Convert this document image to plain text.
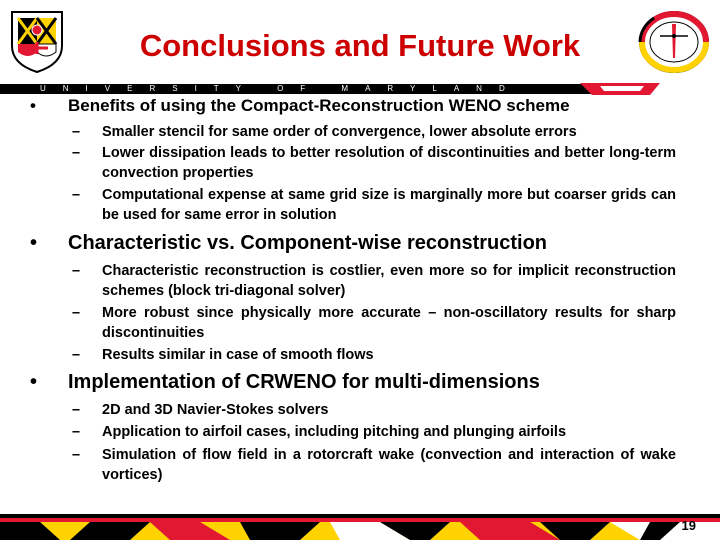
Conclusions and Future Work
UNIVERSITY OF MARYLAND
• Benefits of using the Compact-Reconstruction WENO scheme
– Smaller stencil for same order of convergence, lower absolute errors
– Lower dissipation leads to better resolution of discontinuities and better long-term convection properties
– Computational expense at same grid size is marginally more but coarser grids can be used for same error in solution
• Characteristic vs. Component-wise reconstruction
– Characteristic reconstruction is costlier, even more so for implicit reconstruction schemes (block tri-diagonal solver)
– More robust since physically more accurate – non-oscillatory results for sharp discontinuities
– Results similar in case of smooth flows
• Implementation of CRWENO for multi-dimensions
– 2D and 3D Navier-Stokes solvers
– Application to airfoil cases, including pitching and plunging airfoils
– Simulation of flow field in a rotorcraft wake (convection and interaction of wake vortices)
19
